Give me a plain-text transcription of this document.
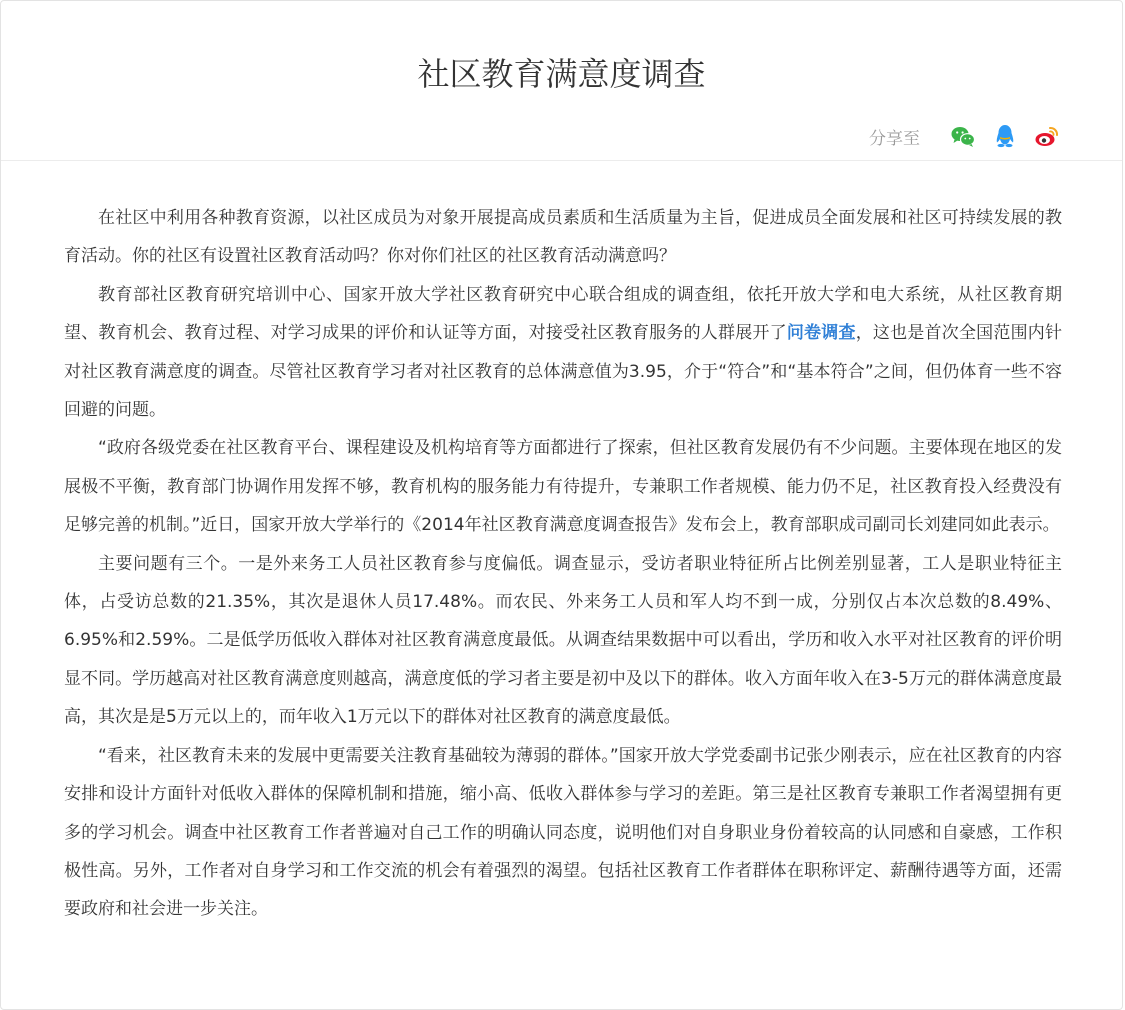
社区教育满意度调查
分享至

在社区中利用各种教育资源，以社区成员为对象开展提高成员素质和生活质量为主旨，促进成员全面发展和社区可持续发展的教育活动。你的社区有设置社区教育活动吗？你对你们社区的社区教育活动满意吗？

教育部社区教育研究培训中心、国家开放大学社区教育研究中心联合组成的调查组，依托开放大学和电大系统，从社区教育期望、教育机会、教育过程、对学习成果的评价和认证等方面，对接受社区教育服务的人群展开了问卷调查，这也是首次全国范围内针对社区教育满意度的调查。尽管社区教育学习者对社区教育的总体满意值为3.95，介于“符合”和“基本符合”之间，但仍体育一些不容回避的问题。

“政府各级党委在社区教育平台、课程建设及机构培育等方面都进行了探索，但社区教育发展仍有不少问题。主要体现在地区的发展极不平衡，教育部门协调作用发挥不够，教育机构的服务能力有待提升，专兼职工作者规模、能力仍不足，社区教育投入经费没有足够完善的机制。”近日，国家开放大学举行的《2014年社区教育满意度调查报告》发布会上，教育部职成司副司长刘建同如此表示。

主要问题有三个。一是外来务工人员社区教育参与度偏低。调查显示，受访者职业特征所占比例差别显著，工人是职业特征主体，占受访总数的21.35%，其次是退休人员17.48%。而农民、外来务工人员和军人均不到一成，分别仅占本次总数的8.49%、6.95%和2.59%。二是低学历低收入群体对社区教育满意度最低。从调查结果数据中可以看出，学历和收入水平对社区教育的评价明显不同。学历越高对社区教育满意度则越高，满意度低的学习者主要是初中及以下的群体。收入方面年收入在3-5万元的群体满意度最高，其次是是5万元以上的，而年收入1万元以下的群体对社区教育的满意度最低。

“看来，社区教育未来的发展中更需要关注教育基础较为薄弱的群体。”国家开放大学党委副书记张少刚表示，应在社区教育的内容安排和设计方面针对低收入群体的保障机制和措施，缩小高、低收入群体参与学习的差距。第三是社区教育专兼职工作者渴望拥有更多的学习机会。调查中社区教育工作者普遍对自己工作的明确认同态度，说明他们对自身职业身份着较高的认同感和自豪感，工作积极性高。另外，工作者对自身学习和工作交流的机会有着强烈的渴望。包括社区教育工作者群体在职称评定、薪酬待遇等方面，还需要政府和社会进一步关注。
